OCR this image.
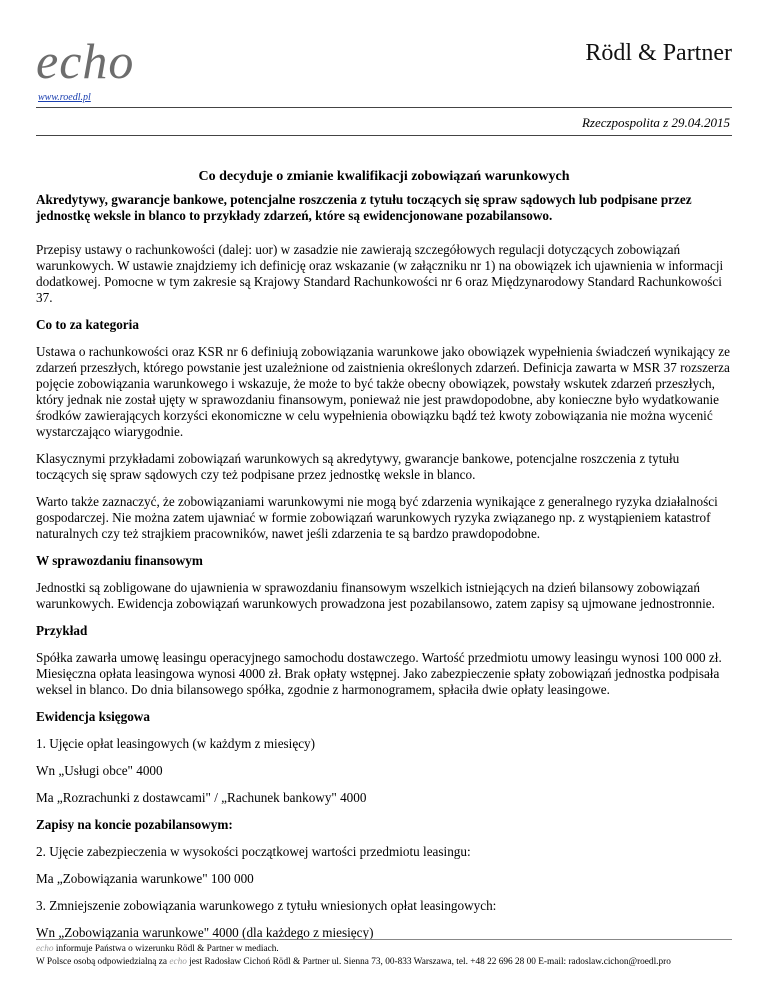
echo	Rödl & Partner
www.roedl.pl
Rzeczpospolita z 29.04.2015
Co decyduje o zmianie kwalifikacji zobowiązań warunkowych
Akredytywy, gwarancje bankowe, potencjalne roszczenia z tytułu toczących się spraw sądowych lub podpisane przez jednostkę weksle in blanco to przykłady zdarzeń, które są ewidencjonowane pozabilansowo.
Przepisy ustawy o rachunkowości (dalej: uor) w zasadzie nie zawierają szczegółowych regulacji dotyczących zobowiązań warunkowych. W ustawie znajdziemy ich definicję oraz wskazanie (w załączniku nr 1) na obowiązek ich ujawnienia w informacji dodatkowej. Pomocne w tym zakresie są Krajowy Standard Rachunkowości nr 6 oraz Międzynarodowy Standard Rachunkowości 37.
Co to za kategoria
Ustawa o rachunkowości oraz KSR nr 6 definiują zobowiązania warunkowe jako obowiązek wypełnienia świadczeń wynikający ze zdarzeń przeszłych, którego powstanie jest uzależnione od zaistnienia określonych zdarzeń. Definicja zawarta w MSR 37 rozszerza pojęcie zobowiązania warunkowego i wskazuje, że może to być także obecny obowiązek, powstały wskutek zdarzeń przeszłych, który jednak nie został ujęty w sprawozdaniu finansowym, ponieważ nie jest prawdopodobne, aby konieczne było wydatkowanie środków zawierających korzyści ekonomiczne w celu wypełnienia obowiązku bądź też kwoty zobowiązania nie można wycenić wystarczająco wiarygodnie.
Klasycznymi przykładami zobowiązań warunkowych są akredytywy, gwarancje bankowe, potencjalne roszczenia z tytułu toczących się spraw sądowych czy też podpisane przez jednostkę weksle in blanco.
Warto także zaznaczyć, że zobowiązaniami warunkowymi nie mogą być zdarzenia wynikające z generalnego ryzyka działalności gospodarczej. Nie można zatem ujawniać w formie zobowiązań warunkowych ryzyka związanego np. z wystąpieniem katastrof naturalnych czy też strajkiem pracowników, nawet jeśli zdarzenia te są bardzo prawdopodobne.
W sprawozdaniu finansowym
Jednostki są zobligowane do ujawnienia w sprawozdaniu finansowym wszelkich istniejących na dzień bilansowy zobowiązań warunkowych. Ewidencja zobowiązań warunkowych prowadzona jest pozabilansowo, zatem zapisy są ujmowane jednostronnie.
Przykład
Spółka zawarła umowę leasingu operacyjnego samochodu dostawczego. Wartość przedmiotu umowy leasingu wynosi 100 000 zł. Miesięczna opłata leasingowa wynosi 4000 zł. Brak opłaty wstępnej. Jako zabezpieczenie spłaty zobowiązań jednostka podpisała weksel in blanco. Do dnia bilansowego spółka, zgodnie z harmonogramem, spłaciła dwie opłaty leasingowe.
Ewidencja księgowa
1. Ujęcie opłat leasingowych (w każdym z miesięcy)
Wn „Usługi obce" 4000
Ma „Rozrachunki z dostawcami" / „Rachunek bankowy" 4000
Zapisy na koncie pozabilansowym:
2. Ujęcie zabezpieczenia w wysokości początkowej wartości przedmiotu leasingu:
Ma „Zobowiązania warunkowe" 100 000
3. Zmniejszenie zobowiązania warunkowego z tytułu wniesionych opłat leasingowych:
Wn „Zobowiązania warunkowe" 4000 (dla każdego z miesięcy)
echo informuje Państwa o wizerunku Rödl & Partner w mediach.
W Polsce osobą odpowiedzialną za echo jest Radosław Cichoń Rödl & Partner ul. Sienna 73, 00-833 Warszawa, tel. +48 22 696 28 00 E-mail: radoslaw.cichon@roedl.pro
